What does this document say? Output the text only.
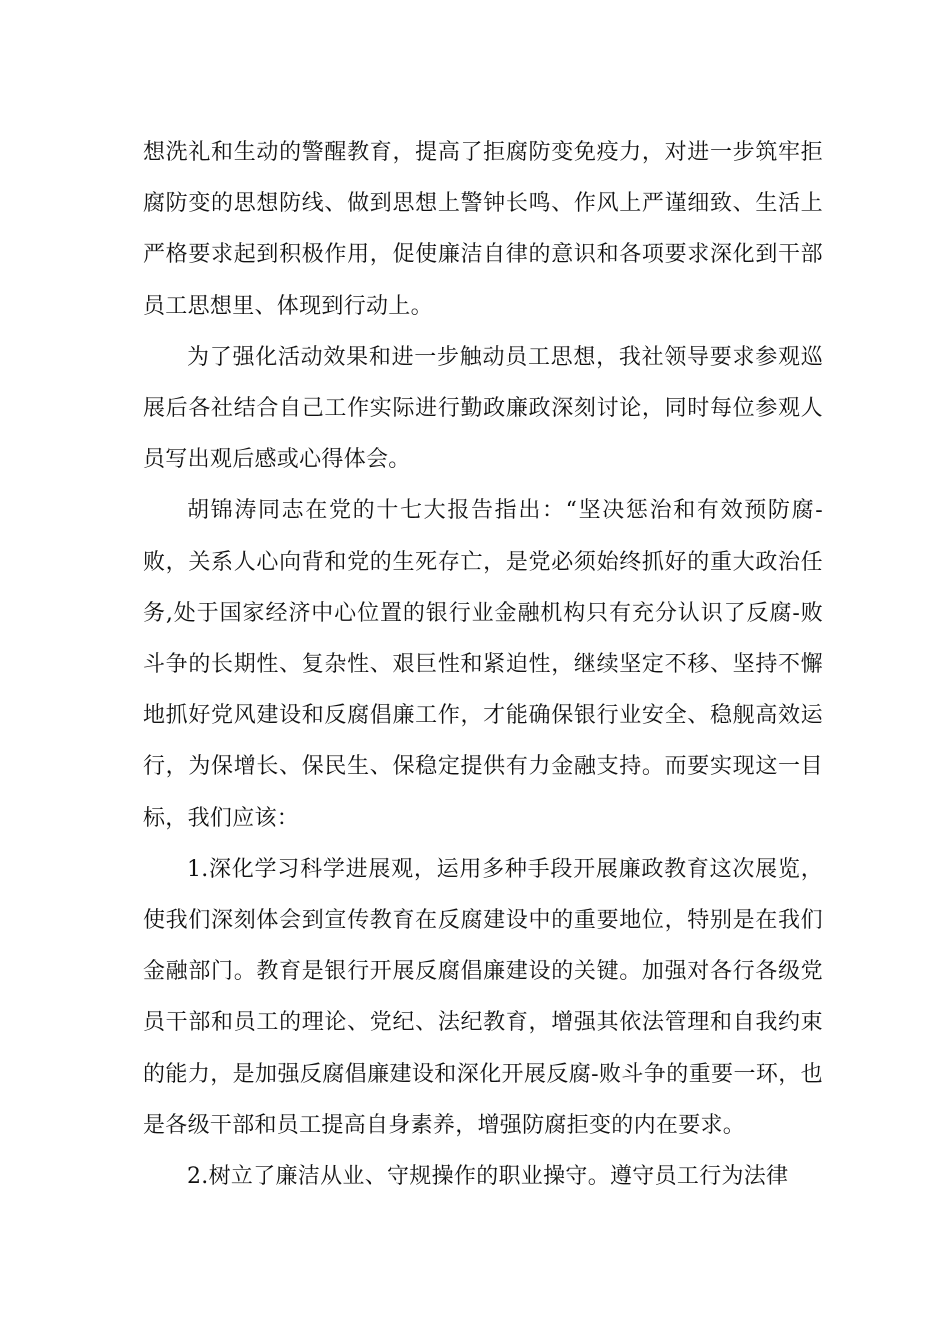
想洗礼和生动的警醒教育，提高了拒腐防变免疫力，对进一步筑牢拒腐防变的思想防线、做到思想上警钟长鸣、作风上严谨细致、生活上严格要求起到积极作用，促使廉洁自律的意识和各项要求深化到干部员工思想里、体现到行动上。

为了强化活动效果和进一步触动员工思想，我社领导要求参观巡展后各社结合自己工作实际进行勤政廉政深刻讨论，同时每位参观人员写出观后感或心得体会。

胡锦涛同志在党的十七大报告指出：“坚决惩治和有效预防腐-败，关系人心向背和党的生死存亡，是党必须始终抓好的重大政治任务,处于国家经济中心位置的银行业金融机构只有充分认识了反腐-败斗争的长期性、复杂性、艰巨性和紧迫性，继续坚定不移、坚持不懈地抓好党风建设和反腐倡廉工作，才能确保银行业安全、稳舰高效运行，为保增长、保民生、保稳定提供有力金融支持。而要实现这一目标，我们应该：

1.深化学习科学进展观，运用多种手段开展廉政教育这次展览，使我们深刻体会到宣传教育在反腐建设中的重要地位，特别是在我们金融部门。教育是银行开展反腐倡廉建设的关键。加强对各行各级党员干部和员工的理论、党纪、法纪教育，增强其依法管理和自我约束的能力，是加强反腐倡廉建设和深化开展反腐-败斗争的重要一环，也是各级干部和员工提高自身素养，增强防腐拒变的内在要求。

2.树立了廉洁从业、守规操作的职业操守。遵守员工行为法律
